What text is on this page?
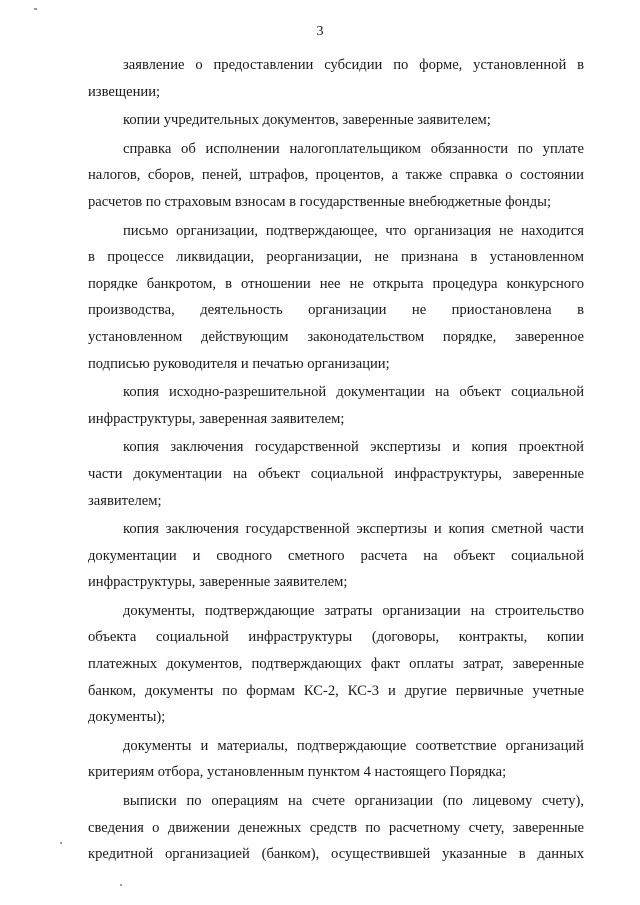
3
заявление о предоставлении субсидии по форме, установленной в
извещении;
копии учредительных документов, заверенные заявителем;
справка об исполнении налогоплательщиком обязанности по уплате
налогов, сборов, пеней, штрафов, процентов, а также справка о состоянии
расчетов по страховым взносам в государственные внебюджетные фонды;
письмо организации, подтверждающее, что организация не находится
в процессе ликвидации, реорганизации, не признана в установленном
порядке банкротом, в отношении нее не открыта процедура конкурсного
производства, деятельность организации не приостановлена в
установленном действующим законодательством порядке, заверенное
подписью руководителя и печатью организации;
копия исходно-разрешительной документации на объект социальной
инфраструктуры, заверенная заявителем;
копия заключения государственной экспертизы и копия проектной
части документации на объект социальной инфраструктуры, заверенные
заявителем;
копия заключения государственной экспертизы и копия сметной части
документации и сводного сметного расчета на объект социальной
инфраструктуры, заверенные заявителем;
документы, подтверждающие затраты организации на строительство
объекта социальной инфраструктуры (договоры, контракты, копии
платежных документов, подтверждающих факт оплаты затрат, заверенные
банком, документы по формам КС-2, КС-3 и другие первичные учетные
документы);
документы и материалы, подтверждающие соответствие организаций
критериям отбора, установленным пунктом 4 настоящего Порядка;
выписки по операциям на счете организации (по лицевому счету),
сведения о движении денежных средств по расчетному счету, заверенные
кредитной организацией (банком), осуществившей указанные в данных
